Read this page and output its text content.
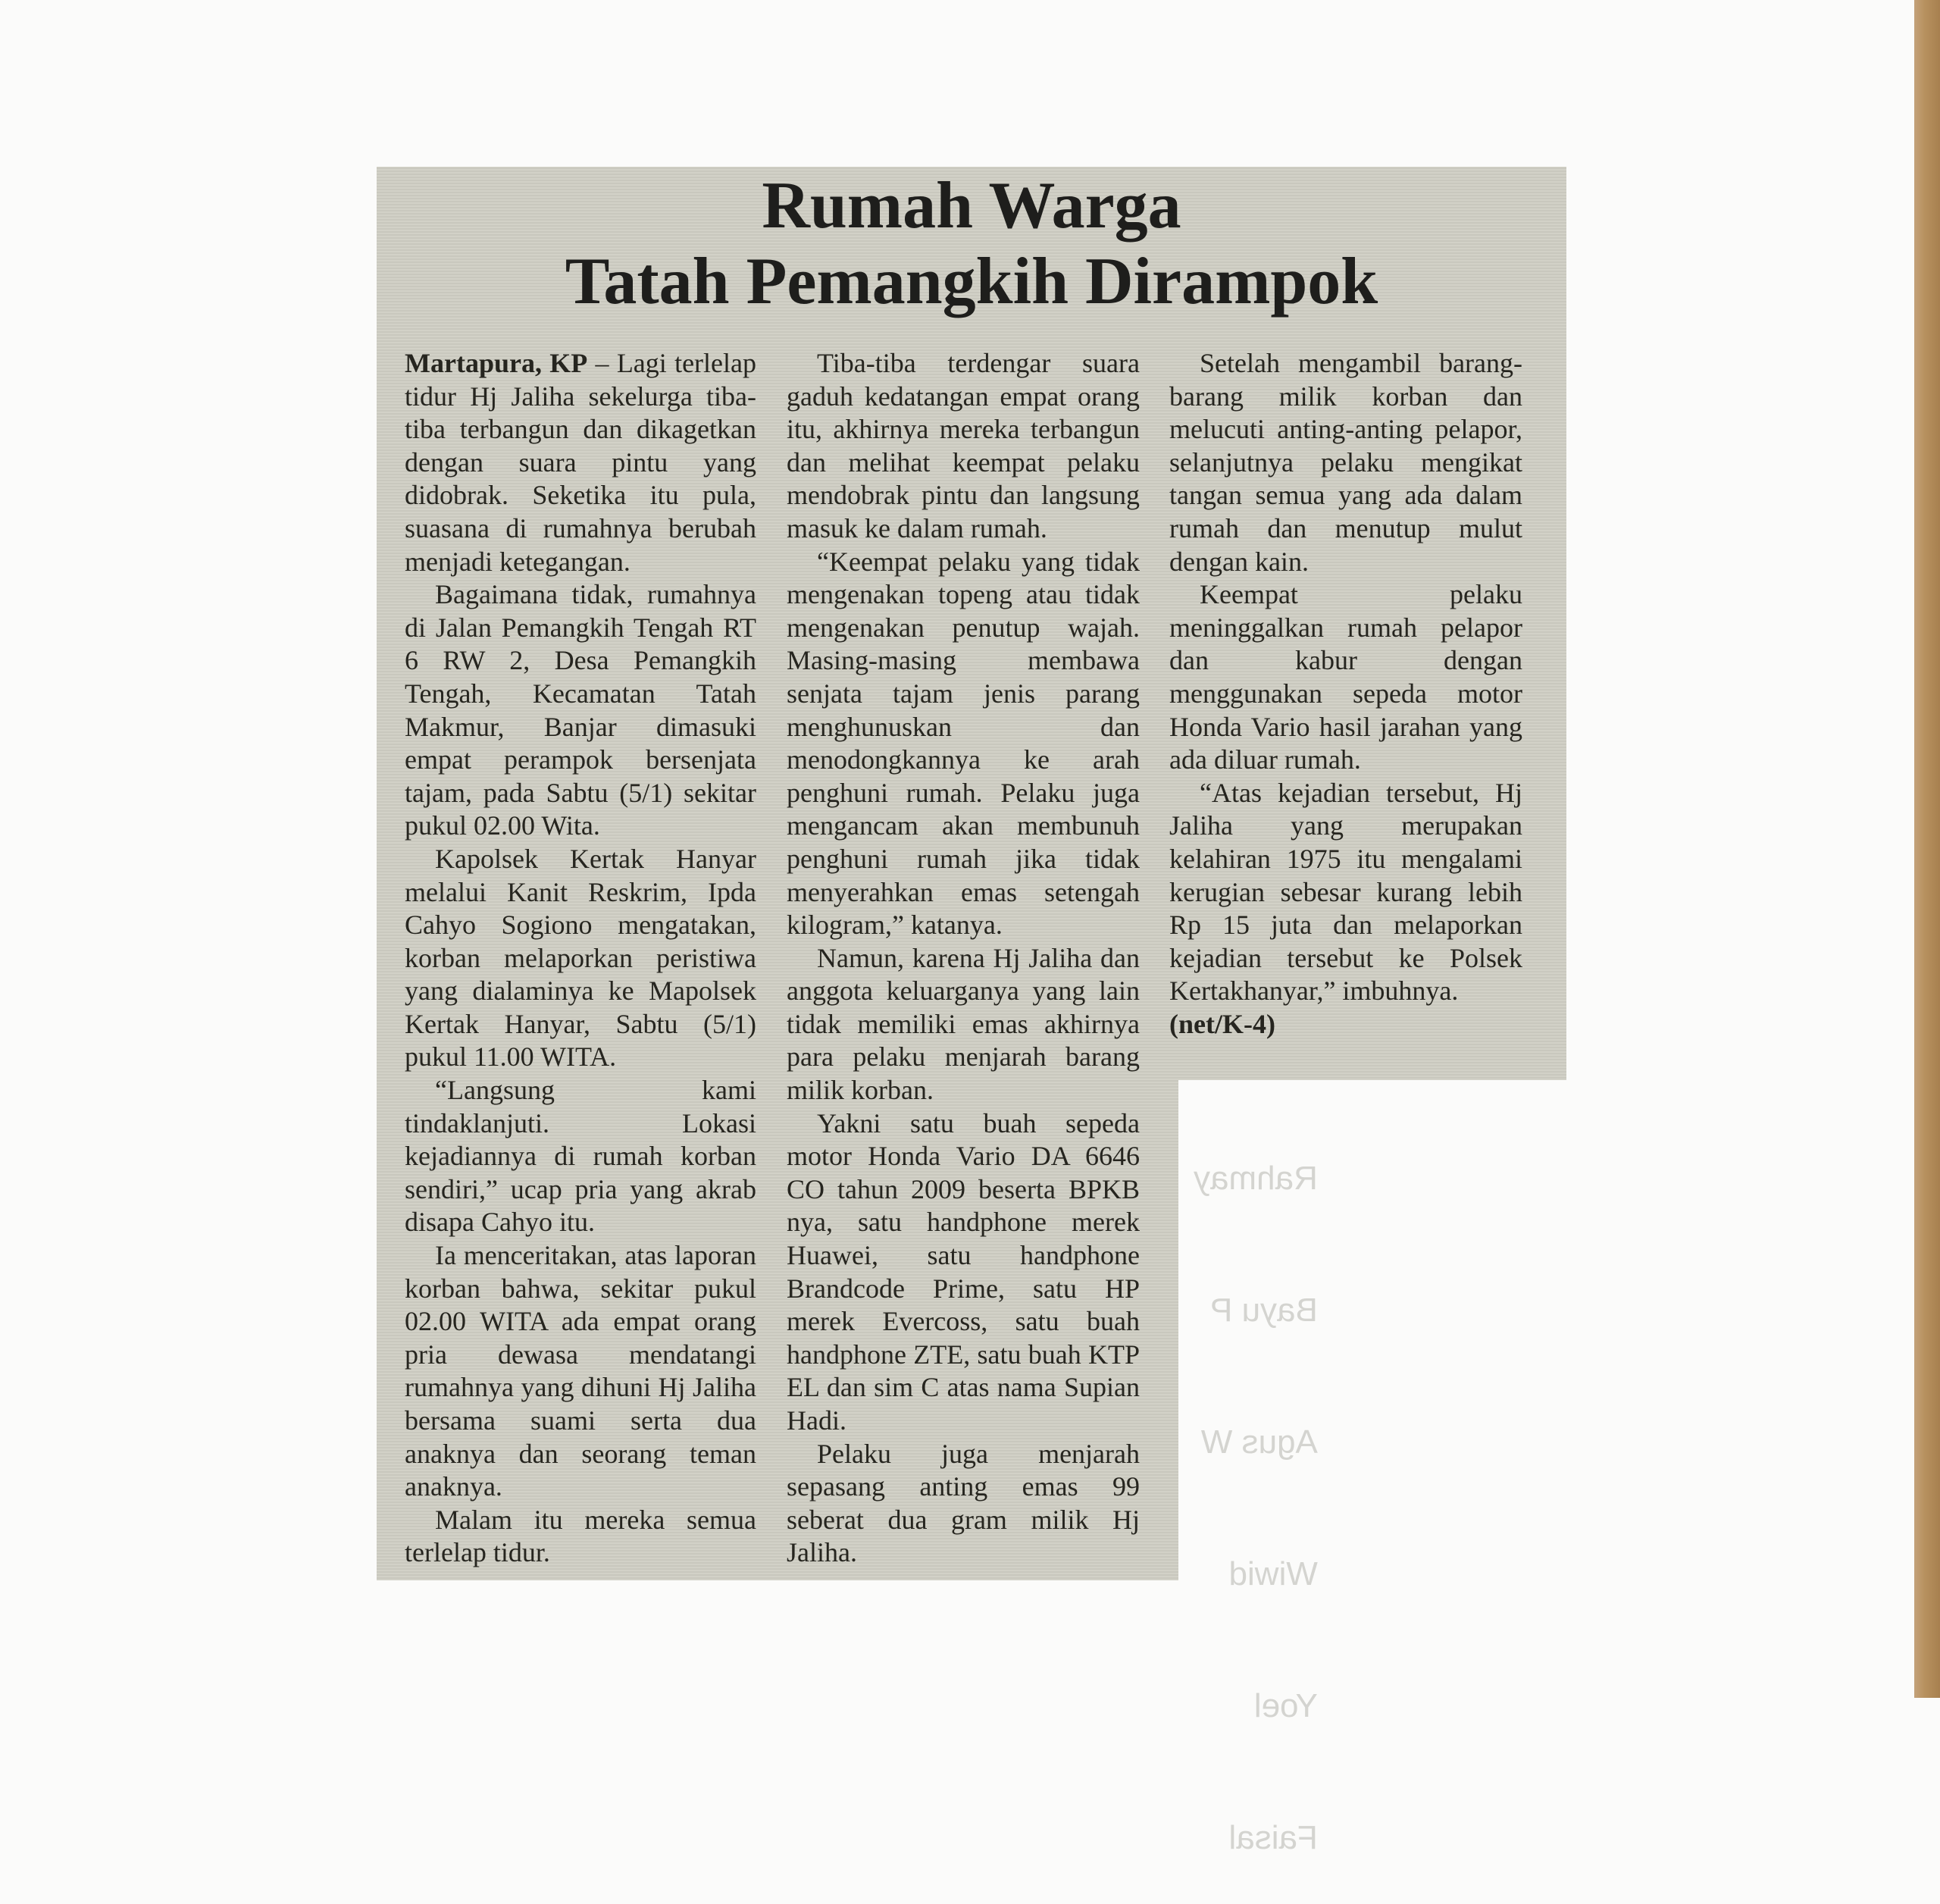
Rahmay

Bayu P

Agus W

Wiwid

Yoel

Faisal

Rumah Warga
Tatah Pemangkih Dirampok

Martapura, KP – Lagi terlelap tidur Hj Jaliha sekelurga tiba-tiba terbangun dan dikagetkan dengan suara pintu yang didobrak. Seketika itu pula, suasana di rumahnya berubah menjadi ketegangan.

Bagaimana tidak, rumahnya di Jalan Pemangkih Tengah RT 6 RW 2, Desa Pemangkih Tengah, Kecamatan Tatah Makmur, Banjar dimasuki empat perampok bersenjata tajam, pada Sabtu (5/1) sekitar pukul 02.00 Wita.

Kapolsek Kertak Hanyar melalui Kanit Reskrim, Ipda Cahyo Sogiono mengatakan, korban melaporkan peristiwa yang dialaminya ke Mapolsek Kertak Hanyar, Sabtu (5/1) pukul 11.00 WITA.

“Langsung kami tindaklanjuti. Lokasi kejadiannya di rumah korban sendiri,” ucap pria yang akrab disapa Cahyo itu.

Ia menceritakan, atas laporan korban bahwa, sekitar pukul 02.00 WITA ada empat orang pria dewasa mendatangi rumahnya yang dihuni Hj Jaliha bersama suami serta dua anaknya dan seorang teman anaknya.

Malam itu mereka semua terlelap tidur.

Tiba-tiba terdengar suara gaduh kedatangan empat orang itu, akhirnya mereka terbangun dan melihat keempat pelaku mendobrak pintu dan langsung masuk ke dalam rumah.

“Keempat pelaku yang tidak mengenakan topeng atau tidak mengenakan penutup wajah. Masing-masing membawa senjata tajam jenis parang menghunuskan dan menodongkannya ke arah penghuni rumah. Pelaku juga mengancam akan membunuh penghuni rumah jika tidak menyerahkan emas setengah kilogram,” katanya.

Namun, karena Hj Jaliha dan anggota keluarganya yang lain tidak memiliki emas akhirnya para pelaku menjarah barang milik korban.

Yakni satu buah sepeda motor Honda Vario DA 6646 CO tahun 2009 beserta BPKB nya, satu handphone merek Huawei, satu handphone Brandcode Prime, satu HP merek Evercoss, satu buah handphone ZTE, satu buah KTP EL dan sim C atas nama Supian Hadi.

Pelaku juga menjarah sepasang anting emas 99 seberat dua gram milik Hj Jaliha.

Setelah mengambil barang-barang milik korban dan melucuti anting-anting pelapor, selanjutnya pelaku mengikat tangan semua yang ada dalam rumah dan menutup mulut dengan kain.

Keempat pelaku meninggalkan rumah pelapor dan kabur dengan menggunakan sepeda motor Honda Vario hasil jarahan yang ada diluar rumah.

“Atas kejadian tersebut, Hj Jaliha yang merupakan kelahiran 1975 itu mengalami kerugian sebesar kurang lebih Rp 15 juta dan melaporkan kejadian tersebut ke Polsek Kertakhanyar,” imbuhnya.

(net/K-4)
